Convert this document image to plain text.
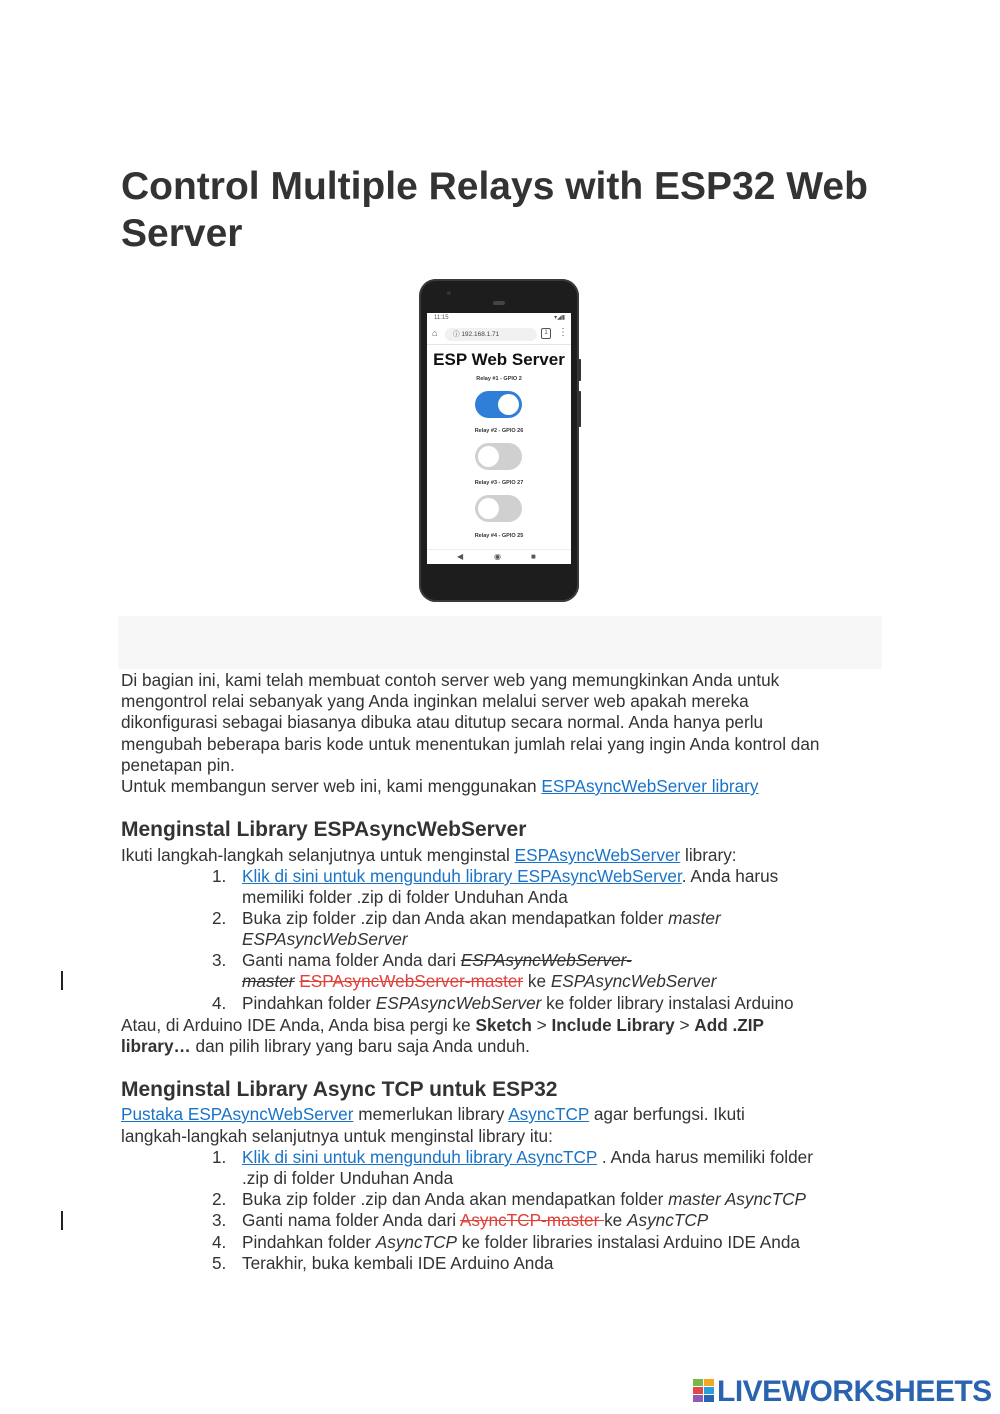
Control Multiple Relays with ESP32 Web Server
11:15	▾◢▮
⌂	ⓘ 192.168.1.71	1	⋮
ESP Web Server
Relay #1 - GPIO 2
Relay #2 - GPIO 26
Relay #3 - GPIO 27
Relay #4 - GPIO 25
◀	◉	■
Di bagian ini, kami telah membuat contoh server web yang memungkinkan Anda untuk
mengontrol relai sebanyak yang Anda inginkan melalui server web apakah mereka
dikonfigurasi sebagai biasanya dibuka atau ditutup secara normal. Anda hanya perlu
mengubah beberapa baris kode untuk menentukan jumlah relai yang ingin Anda kontrol dan
penetapan pin.
Untuk membangun server web ini, kami menggunakan ESPAsyncWebServer library
Menginstal Library ESPAsyncWebServer
Ikuti langkah-langkah selanjutnya untuk menginstal ESPAsyncWebServer library:
1. Klik di sini untuk mengunduh library ESPAsyncWebServer. Anda harus
memiliki folder .zip di folder Unduhan Anda
2. Buka zip folder .zip dan Anda akan mendapatkan folder master
ESPAsyncWebServer
3. Ganti nama folder Anda dari ESPAsyncWebServer-
master ESPAsyncWebServer-master ke ESPAsyncWebServer
4. Pindahkan folder ESPAsyncWebServer ke folder library instalasi Arduino
Atau, di Arduino IDE Anda, Anda bisa pergi ke Sketch > Include Library > Add .ZIP
library… dan pilih library yang baru saja Anda unduh.
Menginstal Library Async TCP untuk ESP32
Pustaka ESPAsyncWebServer memerlukan library AsyncTCP agar berfungsi. Ikuti
langkah-langkah selanjutnya untuk menginstal library itu:
1. Klik di sini untuk mengunduh library AsyncTCP . Anda harus memiliki folder
.zip di folder Unduhan Anda
2. Buka zip folder .zip dan Anda akan mendapatkan folder master AsyncTCP
3. Ganti nama folder Anda dari AsyncTCP-master ke AsyncTCP
4. Pindahkan folder AsyncTCP ke folder libraries instalasi Arduino IDE Anda
5. Terakhir, buka kembali IDE Arduino Anda
LIVEWORKSHEETS
